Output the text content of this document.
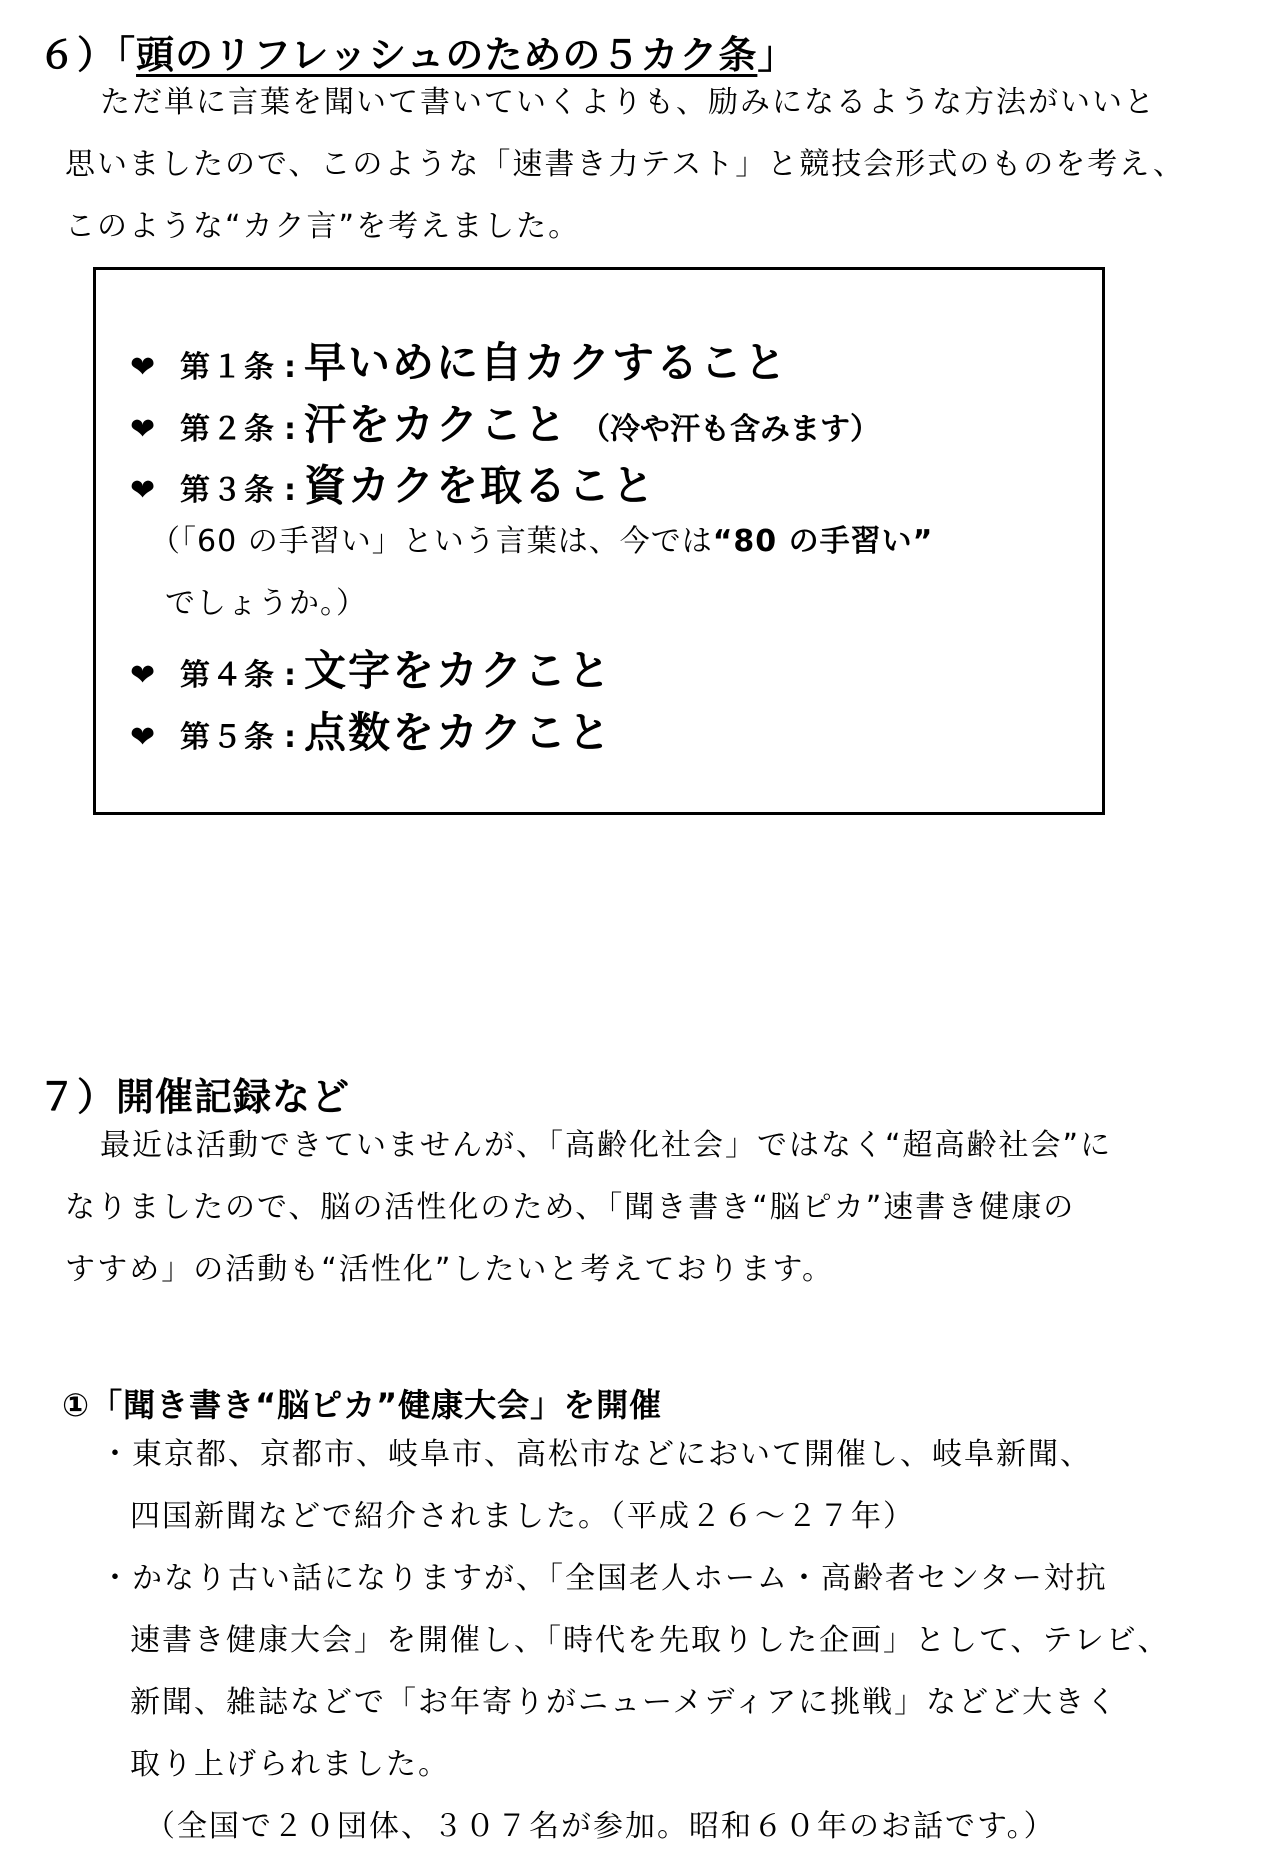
６）「頭のリフレッシュのための５カク条」
ただ単に言葉を聞いて書いていくよりも、励みになるような方法がいいと
思いましたので、このような「速書き力テスト」と競技会形式のものを考え、
このような“カク言”を考えました。
❤ 第１条 : 早いめに自カクすること
❤ 第２条 : 汗をカクこと （冷や汗も含みます）
❤ 第３条 : 資カクを取ること
（「60 の手習い」という言葉は、今では“80 の手習い”
でしょうか。）
❤ 第４条 : 文字をカクこと
❤ 第５条 : 点数をカクこと
７）開催記録など
最近は活動できていませんが、「高齢化社会」ではなく“超高齢社会”に
なりましたので、脳の活性化のため、「聞き書き“脳ピカ”速書き健康の
すすめ」の活動も“活性化”したいと考えております。
①「聞き書き“脳ピカ”健康大会」を開催
・東京都、京都市、岐阜市、高松市などにおいて開催し、岐阜新聞、
四国新聞などで紹介されました。（平成２６～２７年）
・かなり古い話になりますが、「全国老人ホーム・高齢者センター対抗
速書き健康大会」を開催し、「時代を先取りした企画」として、テレビ、
新聞、雑誌などで「お年寄りがニューメディアに挑戦」などど大きく
取り上げられました。
（全国で２０団体、３０７名が参加。昭和６０年のお話です。）
